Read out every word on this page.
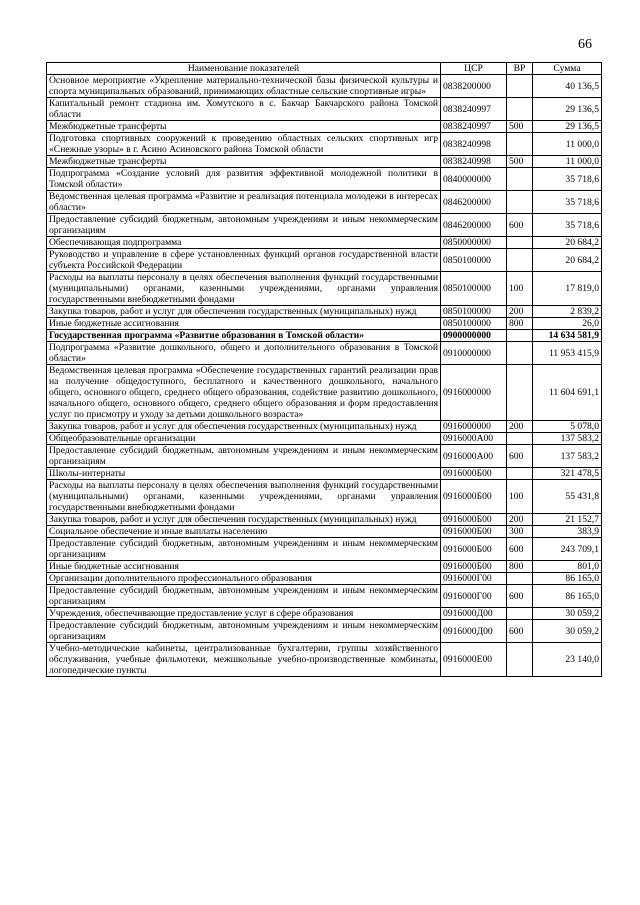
66
Наименование показателей	ЦСР	ВР	Сумма
Основное мероприятие «Укрепление материально-технической базы физической культуры и спорта муниципальных образований, принимающих областные сельские спортивные игры»	0838200000		40 136,5
Капитальный ремонт стадиона им. Хомутского в с. Бакчар Бакчарского района Томской области	0838240997		29 136,5
Межбюджетные трансферты	0838240997	500	29 136,5
Подготовка спортивных сооружений к проведению областных сельских спортивных игр «Снежные узоры» в г. Асино Асиновского района Томской области	0838240998		11 000,0
Межбюджетные трансферты	0838240998	500	11 000,0
Подпрограмма «Создание условий для развития эффективной молодежной политики в Томской области»	0840000000		35 718,6
Ведомственная целевая программа «Развитие и реализация потенциала молодежи в интересах области»	0846200000		35 718,6
Предоставление субсидий бюджетным, автономным учреждениям и иным некоммерческим организациям	0846200000	600	35 718,6
Обеспечивающая подпрограмма	0850000000		20 684,2
Руководство и управление в сфере установленных функций органов государственной власти субъекта Российской Федерации	0850100000		20 684,2
Расходы на выплаты персоналу в целях обеспечения выполнения функций государственными (муниципальными) органами, казенными учреждениями, органами управления государственными внебюджетными фондами	0850100000	100	17 819,0
Закупка товаров, работ и услуг для обеспечения государственных (муниципальных) нужд	0850100000	200	2 839,2
Иные бюджетные ассигнования	0850100000	800	26,0
Государственная программа «Развитие образования в Томской области»	0900000000		14 634 581,9
Подпрограмма «Развитие дошкольного, общего и дополнительного образования в Томской области»	0910000000		11 953 415,9
Ведомственная целевая программа «Обеспечение государственных гарантий реализации прав на получение общедоступного, бесплатного и качественного дошкольного, начального общего, основного общего, среднего общего образования, содействие развитию дошкольного, начального общего, основного общего, среднего общего образования и форм предоставления услуг по присмотру и уходу за детьми дошкольного возраста»	0916000000		11 604 691,1
Закупка товаров, работ и услуг для обеспечения государственных (муниципальных) нужд	0916000000	200	5 078,0
Общеобразовательные организации	0916000А00		137 583,2
Предоставление субсидий бюджетным, автономным учреждениям и иным некоммерческим организациям	0916000А00	600	137 583,2
Школы-интернаты	0916000Б00		321 478,5
Расходы на выплаты персоналу в целях обеспечения выполнения функций государственными (муниципальными) органами, казенными учреждениями, органами управления государственными внебюджетными фондами	0916000Б00	100	55 431,8
Закупка товаров, работ и услуг для обеспечения государственных (муниципальных) нужд	0916000Б00	200	21 152,7
Социальное обеспечение и иные выплаты населению	0916000Б00	300	383,9
Предоставление субсидий бюджетным, автономным учреждениям и иным некоммерческим организациям	0916000Б00	600	243 709,1
Иные бюджетные ассигнования	0916000Б00	800	801,0
Организации дополнительного профессионального образования	0916000Г00		86 165,0
Предоставление субсидий бюджетным, автономным учреждениям и иным некоммерческим организациям	0916000Г00	600	86 165,0
Учреждения, обеспечивающие предоставление услуг в сфере образования	0916000Д00		30 059,2
Предоставление субсидий бюджетным, автономным учреждениям и иным некоммерческим организациям	0916000Д00	600	30 059,2
Учебно-методические кабинеты, централизованные бухгалтерии, группы хозяйственного обслуживания, учебные фильмотеки, межшкольные учебно-производственные комбинаты, логопедические пункты	0916000Е00		23 140,0
